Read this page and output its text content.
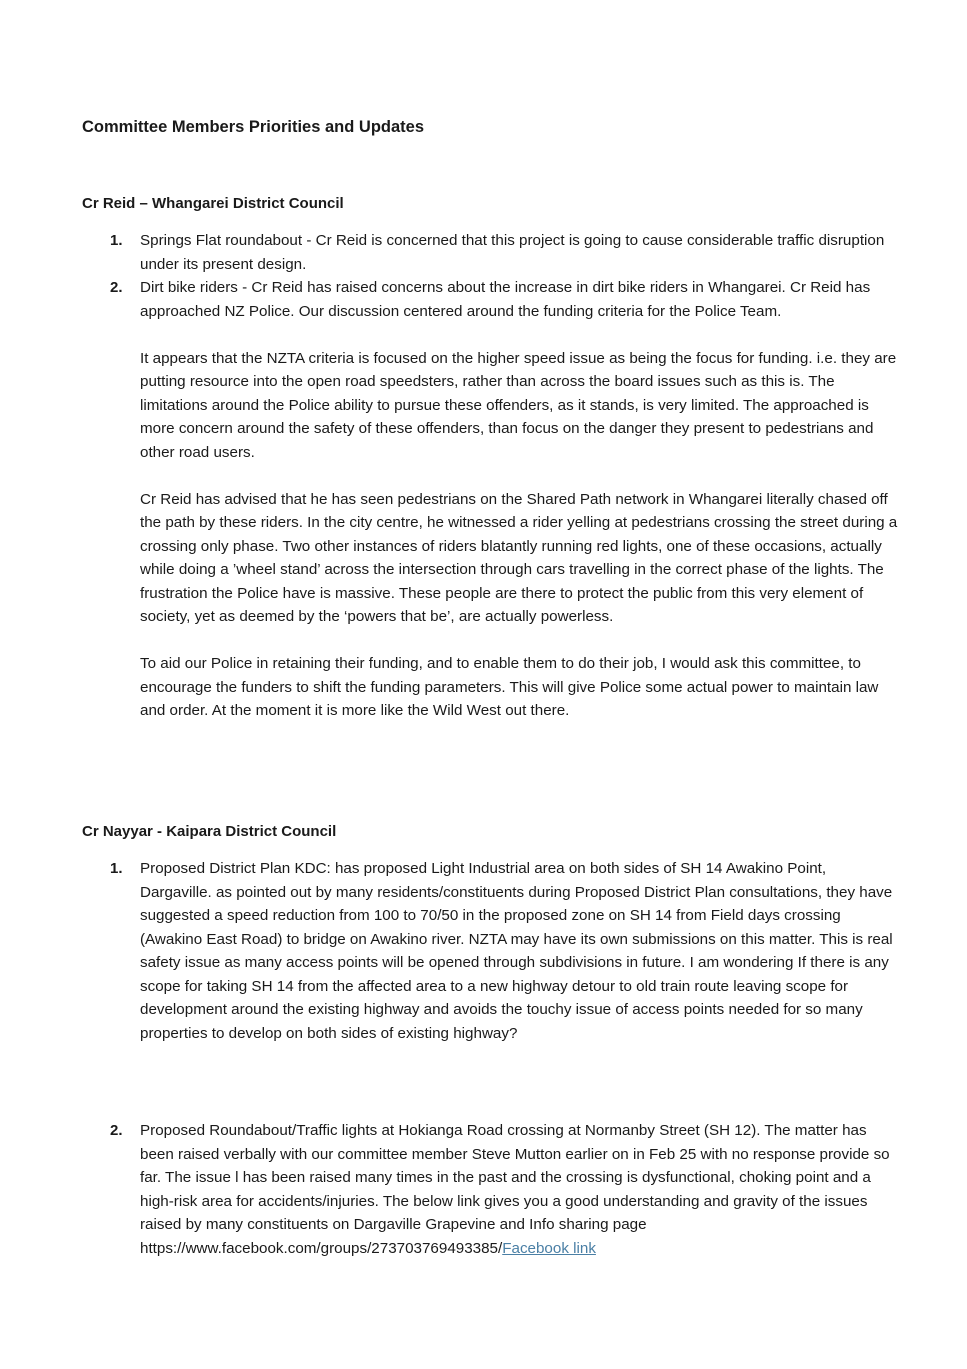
Committee Members Priorities and Updates
Cr Reid – Whangarei District Council
1. Springs Flat roundabout - Cr Reid is concerned that this project is going to cause considerable traffic disruption under its present design.

2. Dirt bike riders - Cr Reid has raised concerns about the increase in dirt bike riders in Whangarei. Cr Reid has approached NZ Police. Our discussion centered around the funding criteria for the Police Team.

It appears that the NZTA criteria is focused on the higher speed issue as being the focus for funding. i.e. they are putting resource into the open road speedsters, rather than across the board issues such as this is. The limitations around the Police ability to pursue these offenders, as it stands, is very limited. The approached is more concern around the safety of these offenders, than focus on the danger they present to pedestrians and other road users.

Cr Reid has advised that he has seen pedestrians on the Shared Path network in Whangarei literally chased off the path by these riders. In the city centre, he witnessed a rider yelling at pedestrians crossing the street during a crossing only phase. Two other instances of riders blatantly running red lights, one of these occasions, actually while doing a ’wheel stand’ across the intersection through cars travelling in the correct phase of the lights. The frustration the Police have is massive. These people are there to protect the public from this very element of society, yet as deemed by the ‘powers that be’, are actually powerless.

To aid our Police in retaining their funding, and to enable them to do their job, I would ask this committee, to encourage the funders to shift the funding parameters. This will give Police some actual power to maintain law and order. At the moment it is more like the Wild West out there.

Cr Nayyar - Kaipara District Council
1. Proposed District Plan KDC: has proposed Light Industrial area on both sides of SH 14 Awakino Point, Dargaville. as pointed out by many residents/constituents during Proposed District Plan consultations, they have suggested a speed reduction from 100 to 70/50 in the proposed zone on SH 14 from Field days crossing (Awakino East Road) to bridge on Awakino river. NZTA may have its own submissions on this matter. This is real safety issue as many access points will be opened through subdivisions in future. I am wondering If there is any scope for taking SH 14 from the affected area to a new highway detour to old train route leaving scope for development around the existing highway and avoids the touchy issue of access points needed for so many properties to develop on both sides of existing highway?

2. Proposed Roundabout/Traffic lights at Hokianga Road crossing at Normanby Street (SH 12). The matter has been raised verbally with our committee member Steve Mutton earlier on in Feb 25 with no response provide so far. The issue l has been raised many times in the past and the crossing is dysfunctional, choking point and a high-risk area for accidents/injuries. The below link gives you a good understanding and gravity of the issues raised by many constituents on Dargaville Grapevine and Info sharing page

https://www.facebook.com/groups/273703769493385/Facebook link
